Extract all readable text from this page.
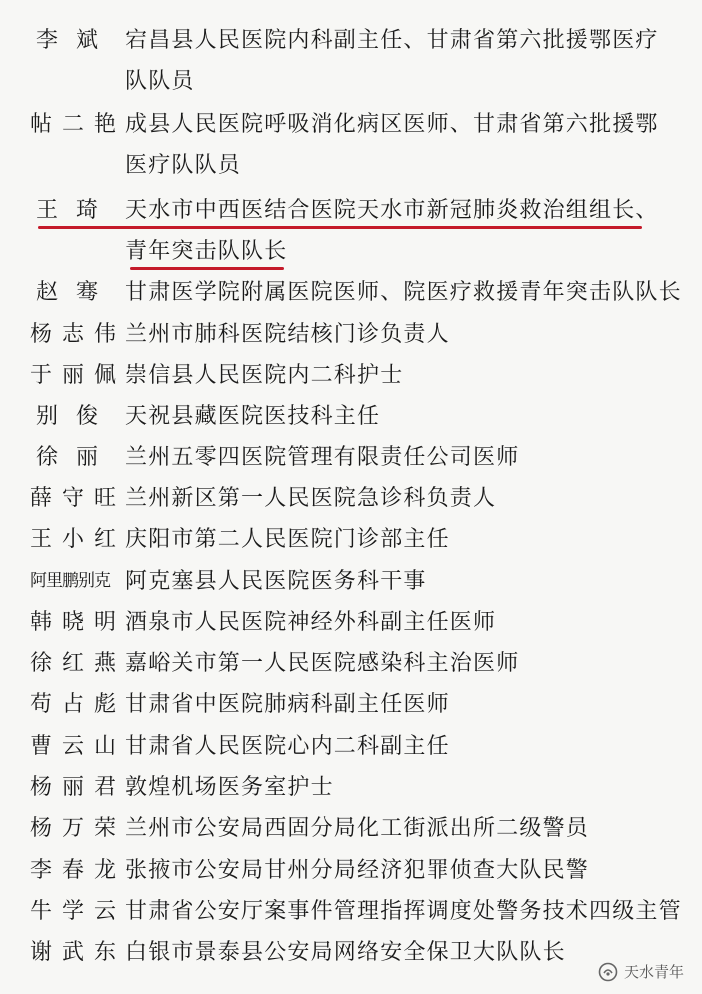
李 斌	宕昌县人民医院内科副主任、甘肃省第六批援鄂医疗
队队员
帖二艳 成县人民医院呼吸消化病区医师、甘肃省第六批援鄂
医疗队队员
王 琦	天水市中西医结合医院天水市新冠肺炎救治组组长、
青年突击队队长
赵 骞	甘肃医学院附属医院医师、院医疗救援青年突击队队长
杨志伟 兰州市肺科医院结核门诊负责人
于丽佩 崇信县人民医院内二科护士
别 俊	天祝县藏医院医技科主任
徐 丽	兰州五零四医院管理有限责任公司医师
薛守旺 兰州新区第一人民医院急诊科负责人
王小红 庆阳市第二人民医院门诊部主任
阿里鹏别克 阿克塞县人民医院医务科干事
韩晓明 酒泉市人民医院神经外科副主任医师
徐红燕 嘉峪关市第一人民医院感染科主治医师
苟占彪 甘肃省中医院肺病科副主任医师
曹云山 甘肃省人民医院心内二科副主任
杨丽君 敦煌机场医务室护士
杨万荣 兰州市公安局西固分局化工街派出所二级警员
李春龙 张掖市公安局甘州分局经济犯罪侦查大队民警
牛学云 甘肃省公安厅案事件管理指挥调度处警务技术四级主管
谢武东 白银市景泰县公安局网络安全保卫大队队长
天水青年
